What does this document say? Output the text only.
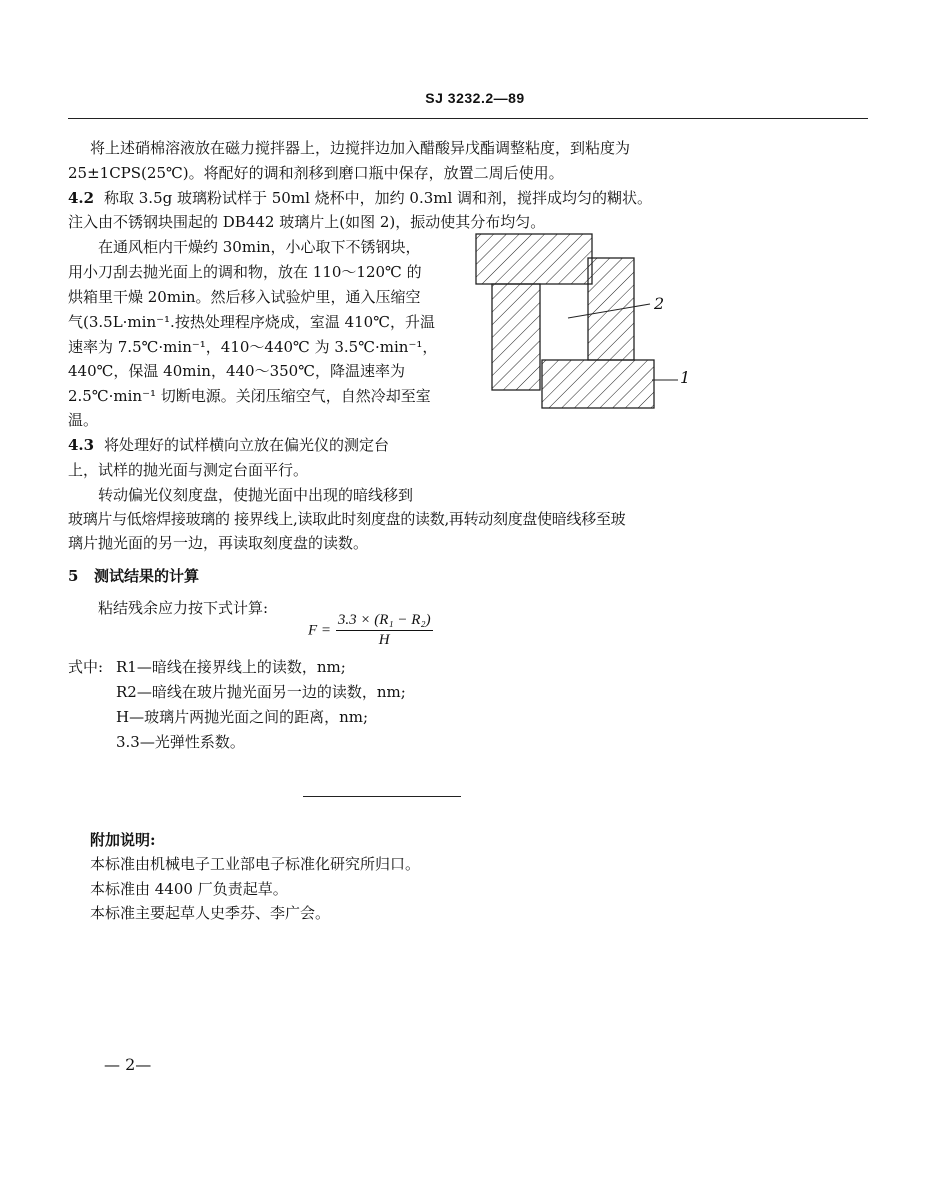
SJ 3232.2—89
将上述硝棉溶液放在磁力搅拌器上，边搅拌边加入醋酸异戊酯调整粘度，到粘度为
25±1CPS(25℃)。将配好的调和剂移到磨口瓶中保存，放置二周后使用。
4.2 称取 3.5g 玻璃粉试样于 50ml 烧杯中，加约 0.3ml 调和剂，搅拌成均匀的糊状。
注入由不锈钢块围起的 DB442 玻璃片上(如图 2)，振动使其分布均匀。
在通风柜内干燥约 30min，小心取下不锈钢块，
用小刀刮去抛光面上的调和物，放在 110～120℃ 的
烘箱里干燥 20min。然后移入试验炉里，通入压缩空
气(3.5L·min⁻¹.按热处理程序烧成，室温 410℃，升温
速率为 7.5℃·min⁻¹，410～440℃ 为 3.5℃·min⁻¹，
440℃，保温 40min，440～350℃，降温速率为
2.5℃·min⁻¹ 切断电源。关闭压缩空气，自然冷却至室
温。
2
1
4.3 将处理好的试样横向立放在偏光仪的测定台
上，试样的抛光面与测定台面平行。
转动偏光仪刻度盘，使抛光面中出现的暗线移到
玻璃片与低熔焊接玻璃的 接界线上,读取此时刻度盘的读数,再转动刻度盘使暗线移至玻
璃片抛光面的另一边，再读取刻度盘的读数。
5 测试结果的计算
粘结残余应力按下式计算:
$F = \frac{\text{3.3 × (R₁ − R₂)}}{H}$
式中: R1—暗线在接界线上的读数，nm;
R2—暗线在玻片抛光面另一边的读数，nm;
H—玻璃片两抛光面之间的距离，nm;
3.3—光弹性系数。
附加说明:
本标准由机械电子工业部电子标准化研究所归口。
本标准由 4400 厂负责起草。
本标准主要起草人史季芬、李广会。
— 2—
